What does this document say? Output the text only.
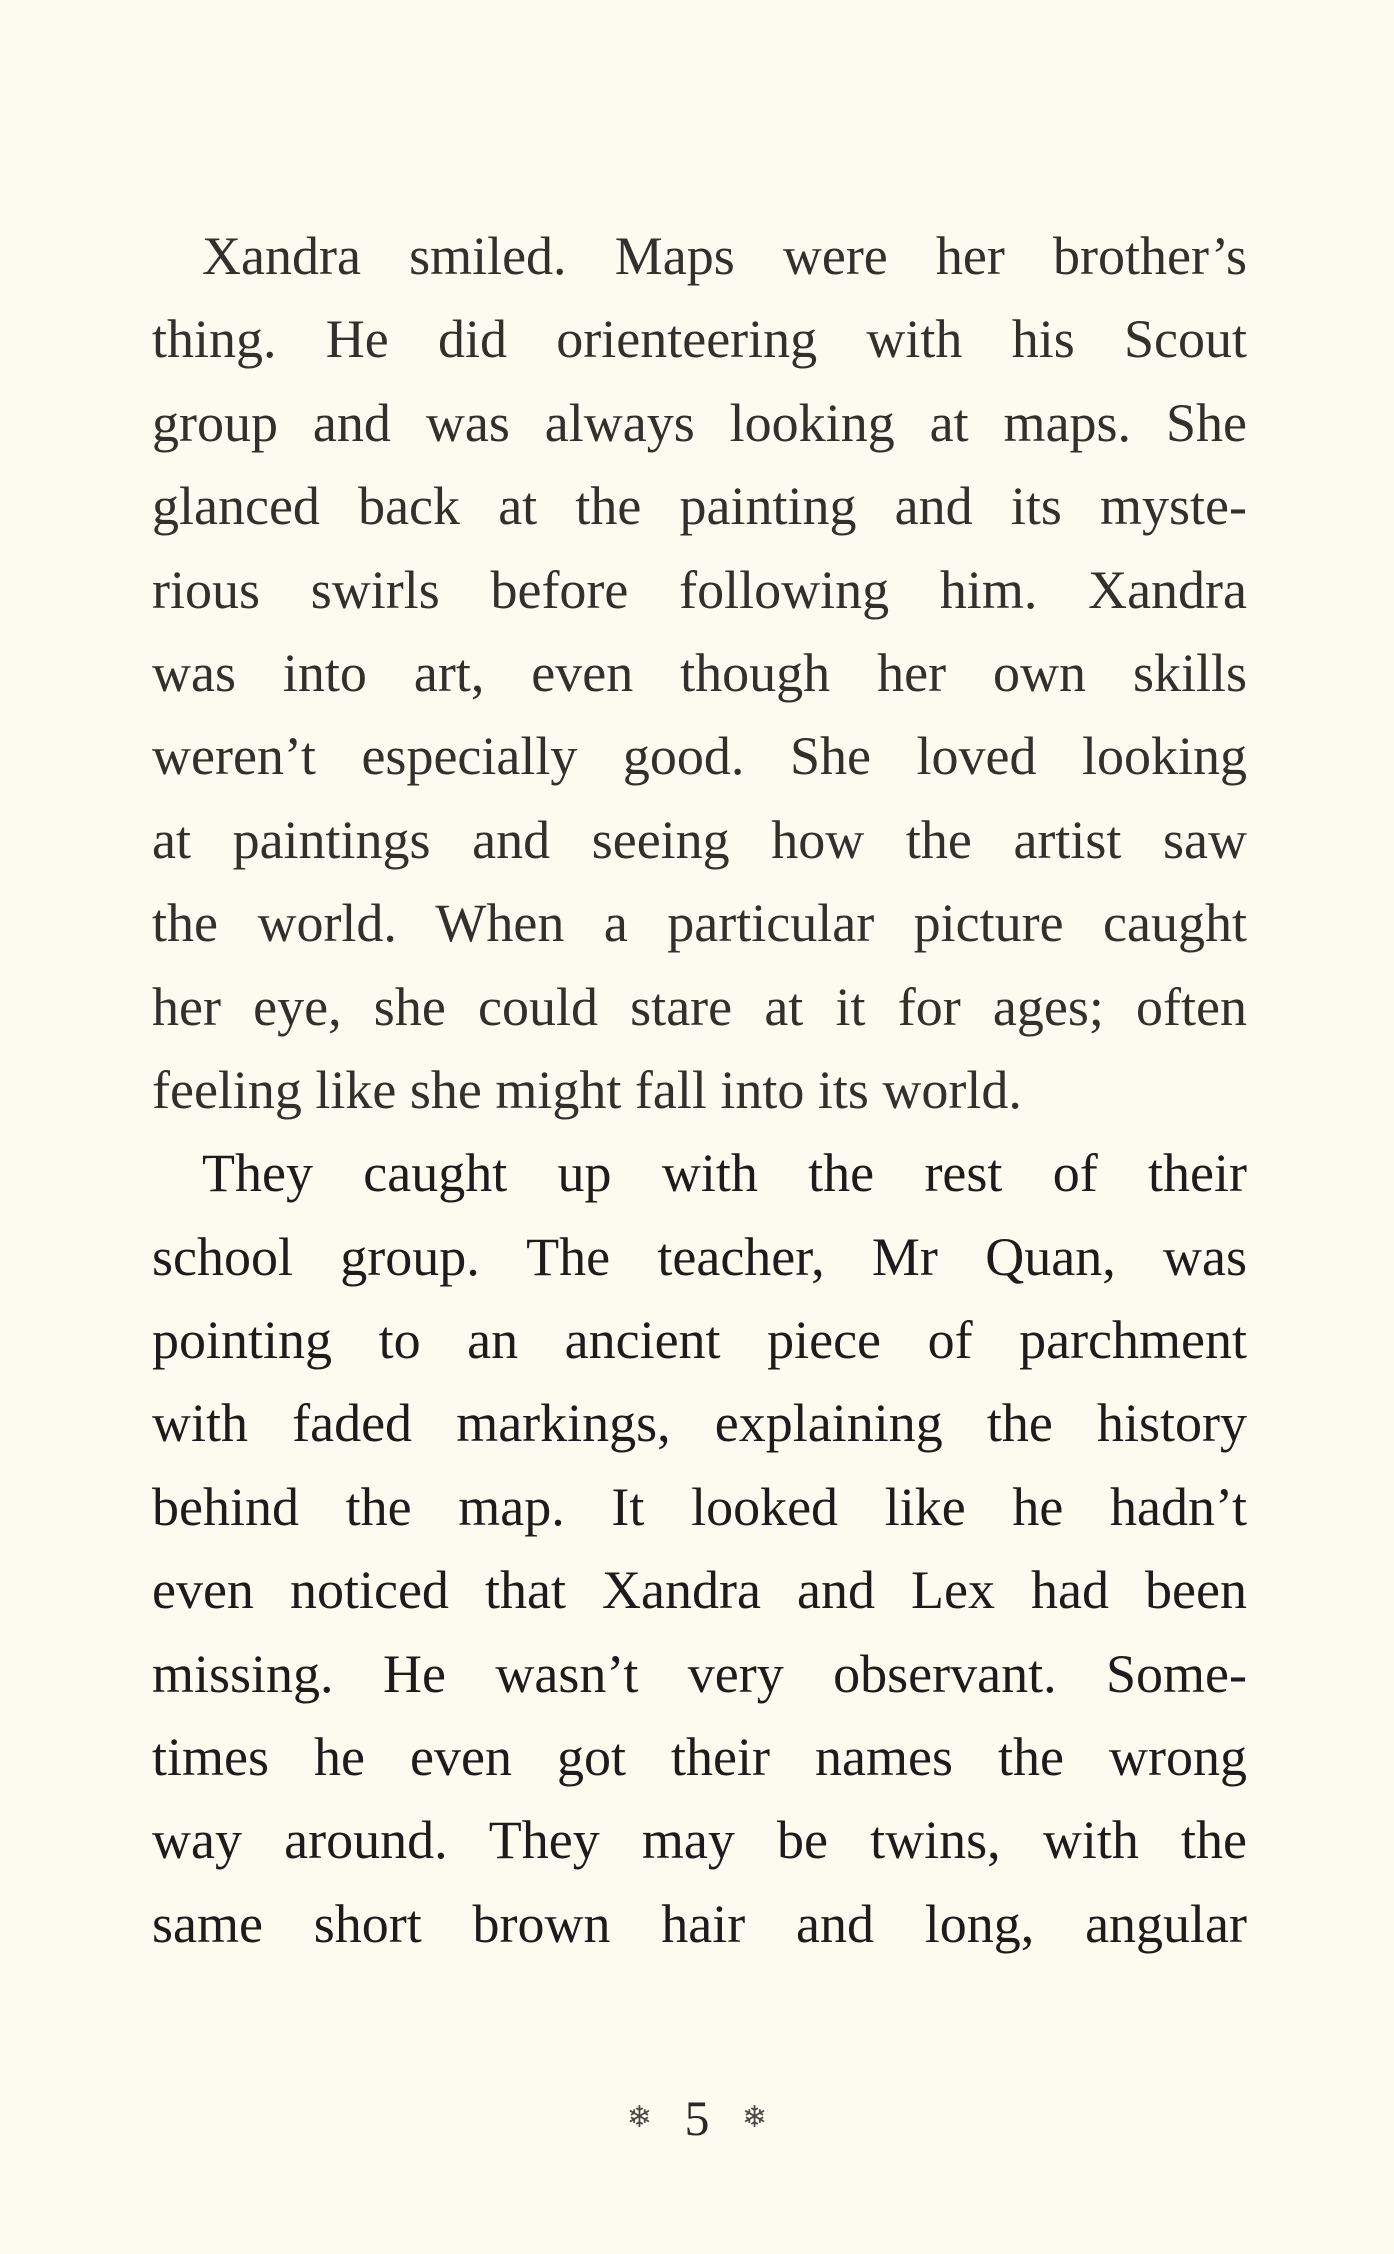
Xandra smiled. Maps were her brother’s
thing. He did orienteering with his Scout
group and was always looking at maps. She
glanced back at the painting and its myste-
rious swirls before following him. Xandra
was into art, even though her own skills
weren’t especially good. She loved looking
at paintings and seeing how the artist saw
the world. When a particular picture caught
her eye, she could stare at it for ages; often
feeling like she might fall into its world.
They caught up with the rest of their
school group. The teacher, Mr Quan, was
pointing to an ancient piece of parchment
with faded markings, explaining the history
behind the map. It looked like he hadn’t
even noticed that Xandra and Lex had been
missing. He wasn’t very observant. Some-
times he even got their names the wrong
way around. They may be twins, with the
same short brown hair and long, angular
❄ 5 ❄
